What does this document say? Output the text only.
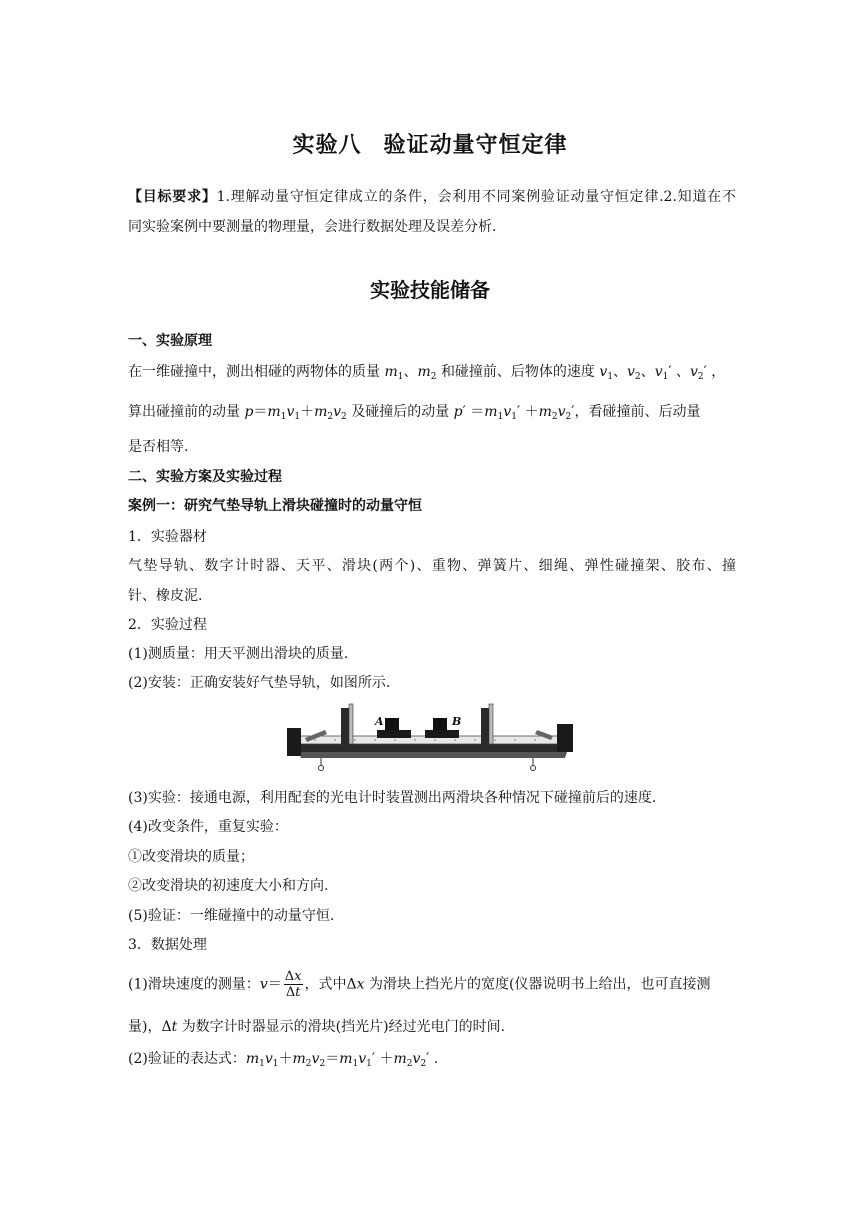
实验八 验证动量守恒定律
【目标要求】1.理解动量守恒定律成立的条件，会利用不同案例验证动量守恒定律.2.知道在不
同实验案例中要测量的物理量，会进行数据处理及误差分析.
实验技能储备
一、实验原理
在一维碰撞中，测出相碰的两物体的质量 $m_1$、$m_2$ 和碰撞前、后物体的速度 $v_1$、$v_2$、$v_1'$ 、$v_2'$ ，
算出碰撞前的动量 $p=m_1v_1+m_2v_2$ 及碰撞后的动量 $p' =m_1v_1' +m_2v_2'$，看碰撞前、后动量
是否相等.
二、实验方案及实验过程
案例一：研究气垫导轨上滑块碰撞时的动量守恒
1．实验器材
气垫导轨、数字计时器、天平、滑块(两个)、重物、弹簧片、细绳、弹性碰撞架、胶布、撞
针、橡皮泥.
2．实验过程
(1)测质量：用天平测出滑块的质量.
(2)安装：正确安装好气垫导轨，如图所示.
A	B
(3)实验：接通电源，利用配套的光电计时装置测出两滑块各种情况下碰撞前后的速度.
(4)改变条件，重复实验：
①改变滑块的质量；
②改变滑块的初速度大小和方向.
(5)验证：一维碰撞中的动量守恒.
3．数据处理
(1)滑块速度的测量：$v= \frac{\Delta x}{\Delta t}$ ，式中Δx 为滑块上挡光片的宽度(仪器说明书上给出，也可直接测
量)，Δt 为数字计时器显示的滑块(挡光片)经过光电门的时间.
(2)验证的表达式：$m_1v_1+m_2v_2=m_1v_1' +m_2v_2'$ .
